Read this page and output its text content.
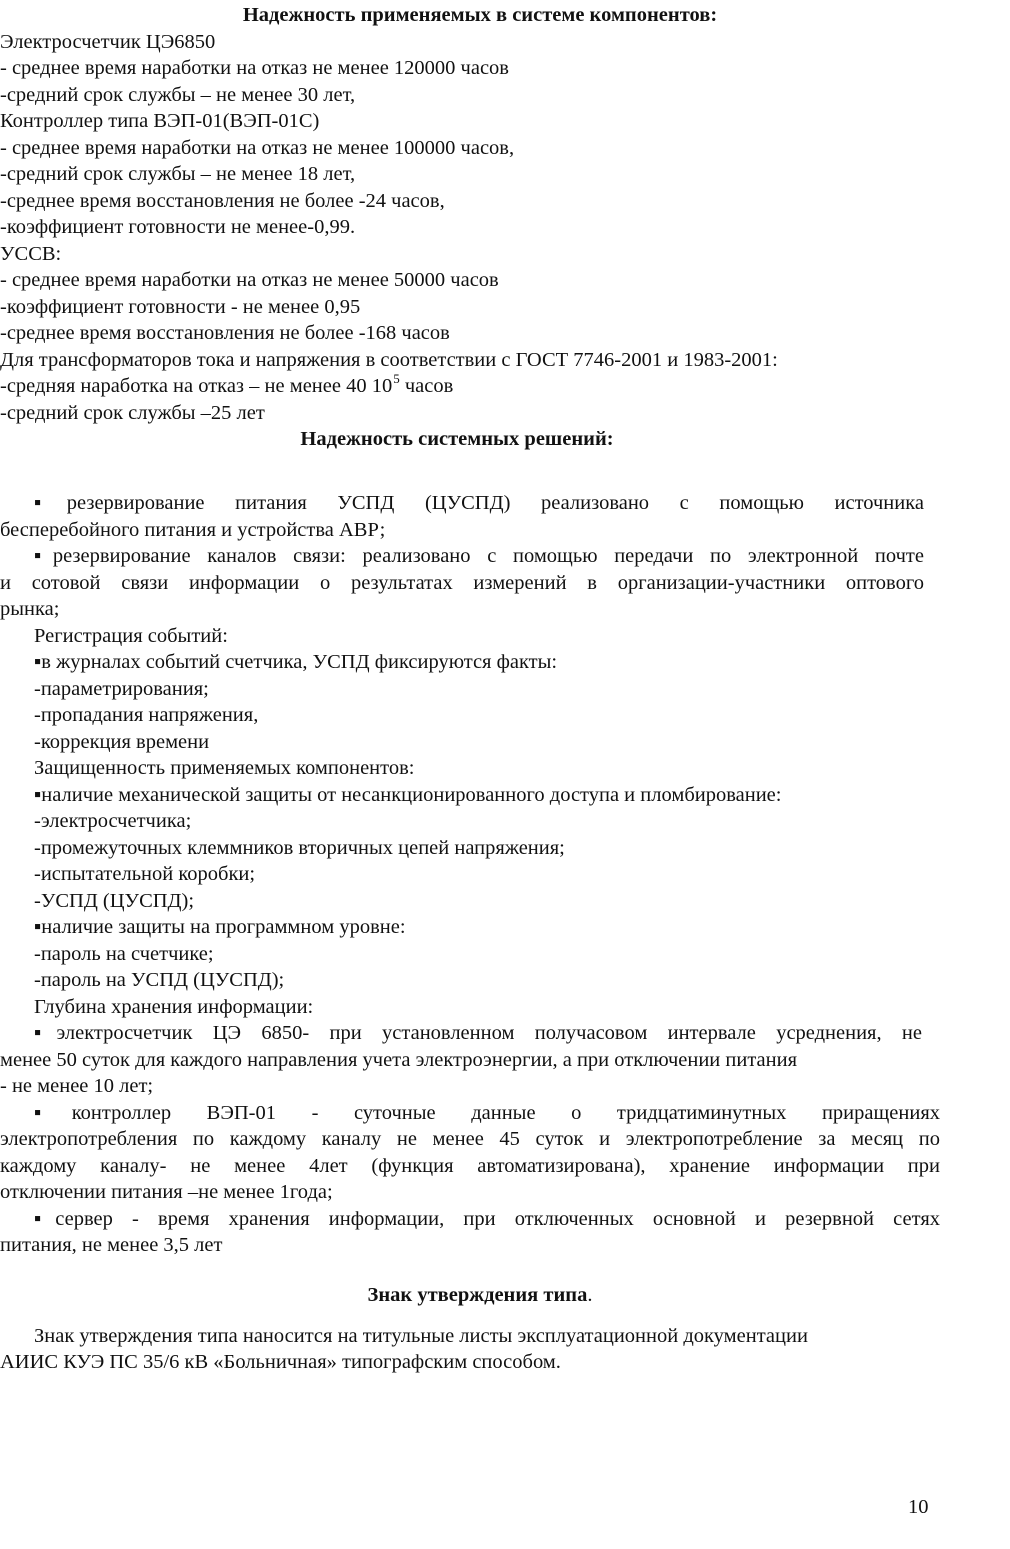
Надежность применяемых в системе компонентов:
Электросчетчик ЦЭ6850
- среднее время наработки на отказ не менее 120000 часов
-средний срок службы – не менее 30 лет,
Контроллер типа ВЭП-01(ВЭП-01С)
- среднее время наработки на отказ не менее 100000 часов,
-средний срок службы – не менее 18 лет,
-среднее время восстановления не более -24 часов,
-коэффициент готовности не менее-0,99.
УССВ:
- среднее время наработки на отказ не менее 50000 часов
-коэффициент готовности - не менее 0,95
-среднее время восстановления не более -168 часов
Для трансформаторов тока и напряжения в соответствии с ГОСТ 7746-2001 и 1983-2001:
-средняя наработка на отказ – не менее 40 $10^5$ часов
-средний срок службы –25 лет
Надежность системных решений:
▪резервирование питания УСПД (ЦУСПД) реализовано с помощью источника
бесперебойного питания и устройства АВР;
▪резервирование каналов связи: реализовано с помощью передачи по электронной почте
и сотовой связи информации о результатах измерений в организации-участники оптового
рынка;
Регистрация событий:
▪в журналах событий счетчика, УСПД фиксируются факты:
-параметрирования;
-пропадания напряжения,
-коррекция времени
Защищенность применяемых компонентов:
▪наличие механической защиты от несанкционированного доступа и пломбирование:
-электросчетчика;
-промежуточных клеммников вторичных цепей напряжения;
-испытательной коробки;
-УСПД (ЦУСПД);
▪наличие защиты на программном уровне:
-пароль на счетчике;
-пароль на УСПД (ЦУСПД);
Глубина хранения информации:
▪электросчетчик ЦЭ 6850- при установленном получасовом интервале усреднения, не
менее 50 суток для каждого направления учета электроэнергии, а при отключении питания
- не менее 10 лет;
▪контроллер ВЭП-01 - суточные данные о тридцатиминутных приращениях
электропотребления по каждому каналу не менее 45 суток и электропотребление за месяц по
каждому каналу- не менее 4лет (функция автоматизирована), хранение информации при
отключении питания –не менее 1года;
▪сервер - время хранения информации, при отключенных основной и резервной сетях
питания, не менее 3,5 лет
Знак утверждения типа.
Знак утверждения типа наносится на титульные листы эксплуатационной документации
АИИС КУЭ ПС 35/6 кВ «Больничная» типографским способом.
10
